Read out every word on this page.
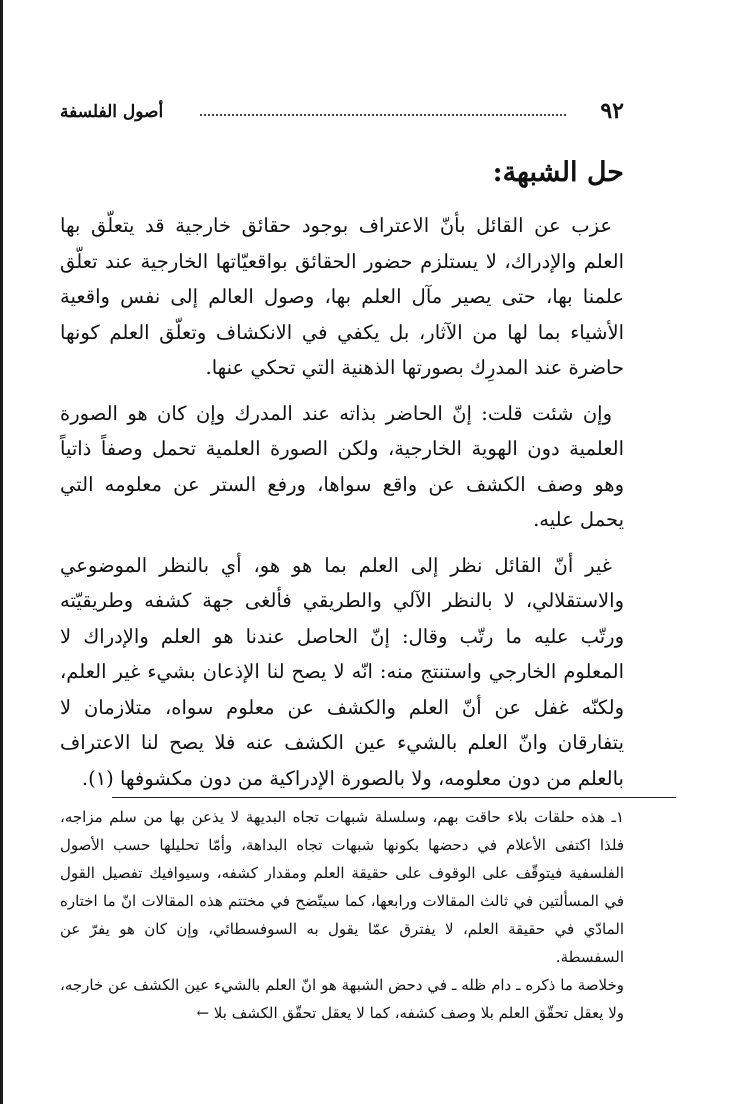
٩٢
أصول الفلسفة
حل الشبهة:

عزب عن القائل بأنّ الاعتراف بوجود حقائق خارجية قد يتعلّق بها العلم والإدراك، لا يستلزم حضور الحقائق بواقعيّاتها الخارجية عند تعلّق علمنا بها، حتى يصير مآل العلم بها، وصول العالم إلى نفس واقعية الأشياء بما لها من الآثار، بل يكفي في الانكشاف وتعلّق العلم كونها حاضرة عند المدرِك بصورتها الذهنية التي تحكي عنها.

وإن شئت قلت: إنّ الحاضر بذاته عند المدرك وإن كان هو الصورة العلمية دون الهوية الخارجية، ولكن الصورة العلمية تحمل وصفاً ذاتياً وهو وصف الكشف عن واقع سواها، ورفع الستر عن معلومه التي يحمل عليه.

غير أنّ القائل نظر إلى العلم بما هو هو، أي بالنظر الموضوعي والاستقلالي، لا بالنظر الآلي والطريقي فألغى جهة كشفه وطريقيّته ورتّب عليه ما رتّب وقال: إنّ الحاصل عندنا هو العلم والإدراك لا المعلوم الخارجي واستنتج منه: انّه لا يصح لنا الإذعان بشيء غير العلم، ولكنّه غفل عن أنّ العلم والكشف عن معلوم سواه، متلازمان لا يتفارقان وانّ العلم بالشيء عين الكشف عنه فلا يصح لنا الاعتراف بالعلم من دون معلومه، ولا بالصورة الإدراكية من دون مكشوفها (١).

١ـ هذه حلقات بلاء حاقت بهم، وسلسلة شبهات تجاه البديهة لا يذعن بها من سلم مزاجه، فلذا اكتفى الأعلام في دحضها بكونها شبهات تجاه البداهة، وأمّا تحليلها حسب الأصول الفلسفية فيتوقّف على الوقوف على حقيقة العلم ومقدار كشفه، وسيوافيك تفصيل القول في المسألتين في ثالث المقالات ورابعها، كما سيتّضح في مختتم هذه المقالات انّ ما اختاره المادّي في حقيقة العلم، لا يفترق عمّا يقول به السوفسطائي، وإن كان هو يفرّ عن السفسطة.

وخلاصة ما ذكره ـ دام ظله ـ في دحض الشبهة هو انّ العلم بالشيء عين الكشف عن خارجه، ولا يعقل تحقّق العلم بلا وصف كشفه، كما لا يعقل تحقّق الكشف بلا ←
